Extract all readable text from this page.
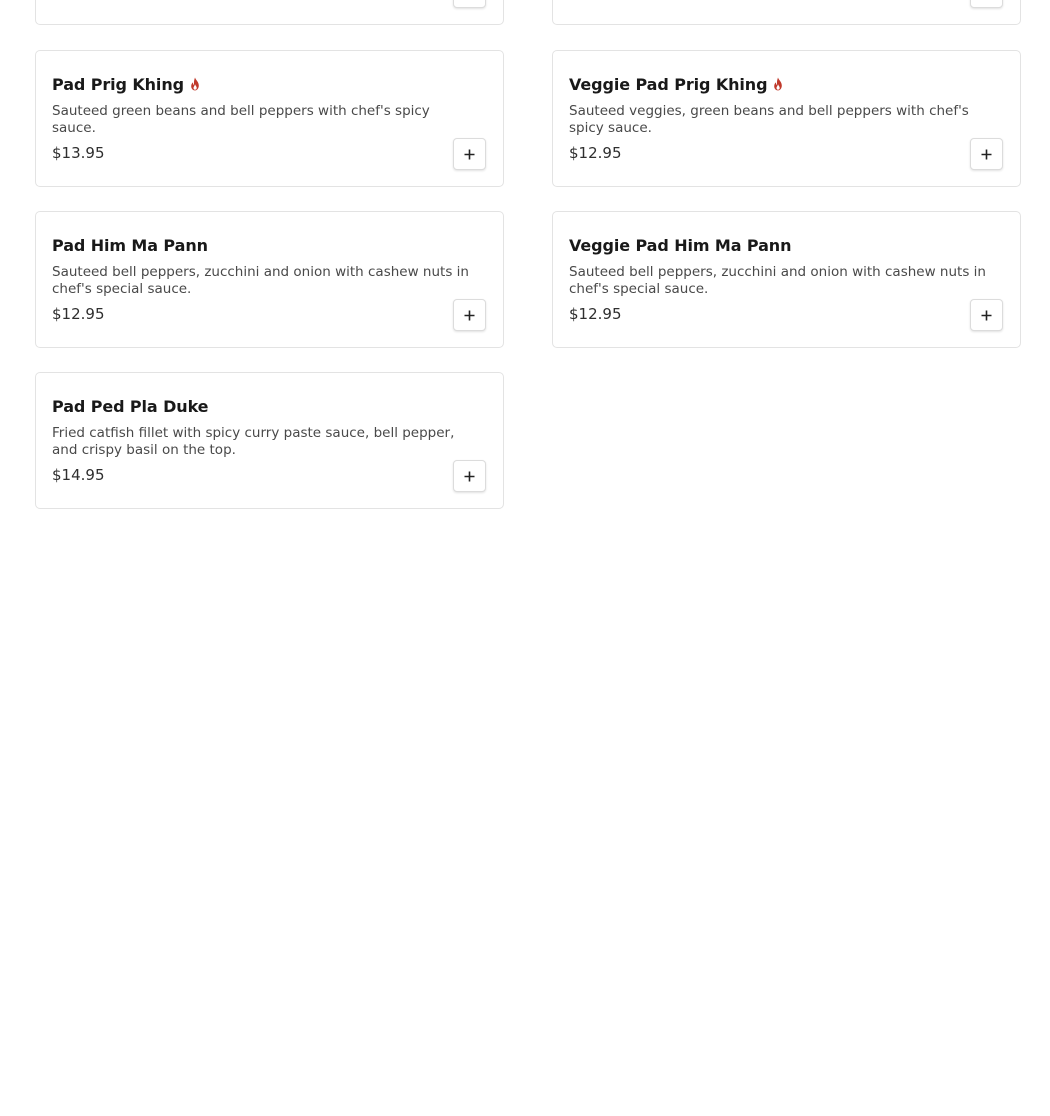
Pad Prig Khing
Sauteed green beans and bell peppers with chef's spicy sauce.
$13.95
Veggie Pad Prig Khing
Sauteed veggies, green beans and bell peppers with chef's spicy sauce.
$12.95
Pad Him Ma Pann
Sauteed bell peppers, zucchini and onion with cashew nuts in chef's special sauce.
$12.95
Veggie Pad Him Ma Pann
Sauteed bell peppers, zucchini and onion with cashew nuts in chef's special sauce.
$12.95
Pad Ped Pla Duke
Fried catfish fillet with spicy curry paste sauce, bell pepper, and crispy basil on the top.
$14.95
